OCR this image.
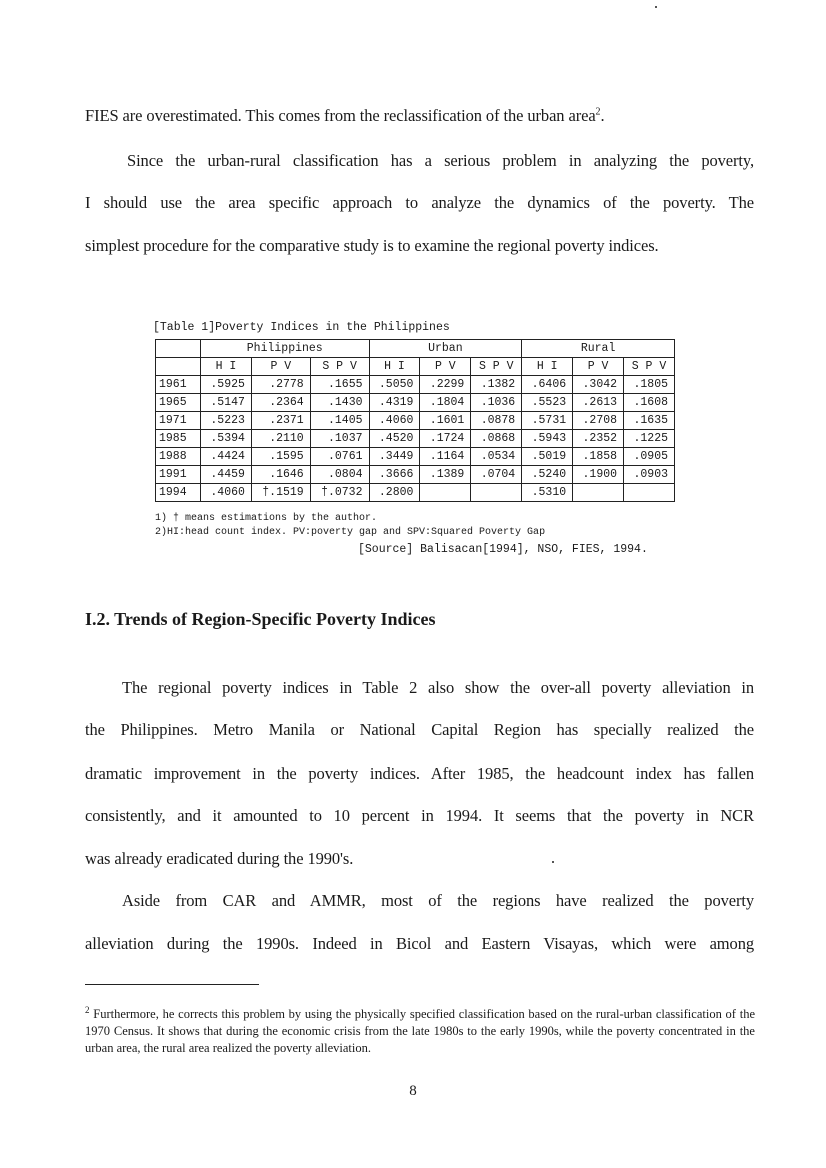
FIES are overestimated. This comes from the reclassification of the urban area$^2$.
Since the urban-rural classification has a serious problem in analyzing the poverty,
I should use the area specific approach to analyze the dynamics of the poverty. The
simplest procedure for the comparative study is to examine the regional poverty indices.
[Table 1]Poverty Indices in the Philippines
	Philippines			Urban			Rural		
	H I	P V	S P V	H I	P V	S P V	H I	P V	S P V
1961	.5925	.2778	.1655	.5050	.2299	.1382	.6406	.3042	.1805
1965	.5147	.2364	.1430	.4319	.1804	.1036	.5523	.2613	.1608
1971	.5223	.2371	.1405	.4060	.1601	.0878	.5731	.2708	.1635
1985	.5394	.2110	.1037	.4520	.1724	.0868	.5943	.2352	.1225
1988	.4424	.1595	.0761	.3449	.1164	.0534	.5019	.1858	.0905
1991	.4459	.1646	.0804	.3666	.1389	.0704	.5240	.1900	.0903
1994	.4060	†.1519	†.0732	.2800			.5310		
1) † means estimations by the author.
2)HI:head count index. PV:poverty gap and SPV:Squared Poverty Gap
[Source] Balisacan[1994], NSO, FIES, 1994.
I.2. Trends of Region-Specific Poverty Indices
The regional poverty indices in Table 2 also show the over-all poverty alleviation in
the Philippines. Metro Manila or National Capital Region has specially realized the
dramatic improvement in the poverty indices. After 1985, the headcount index has fallen
consistently, and it amounted to 10 percent in 1994. It seems that the poverty in NCR
was already eradicated during the 1990's.
Aside from CAR and AMMR, most of the regions have realized the poverty
alleviation during the 1990s. Indeed in Bicol and Eastern Visayas, which were among
$^2$ Furthermore, he corrects this problem by using the physically specified classification based on the rural-urban classification of the 1970 Census. It shows that during the economic crisis from the late 1980s to the early 1990s, while the poverty concentrated in the urban area, the rural area realized the poverty alleviation.
8
